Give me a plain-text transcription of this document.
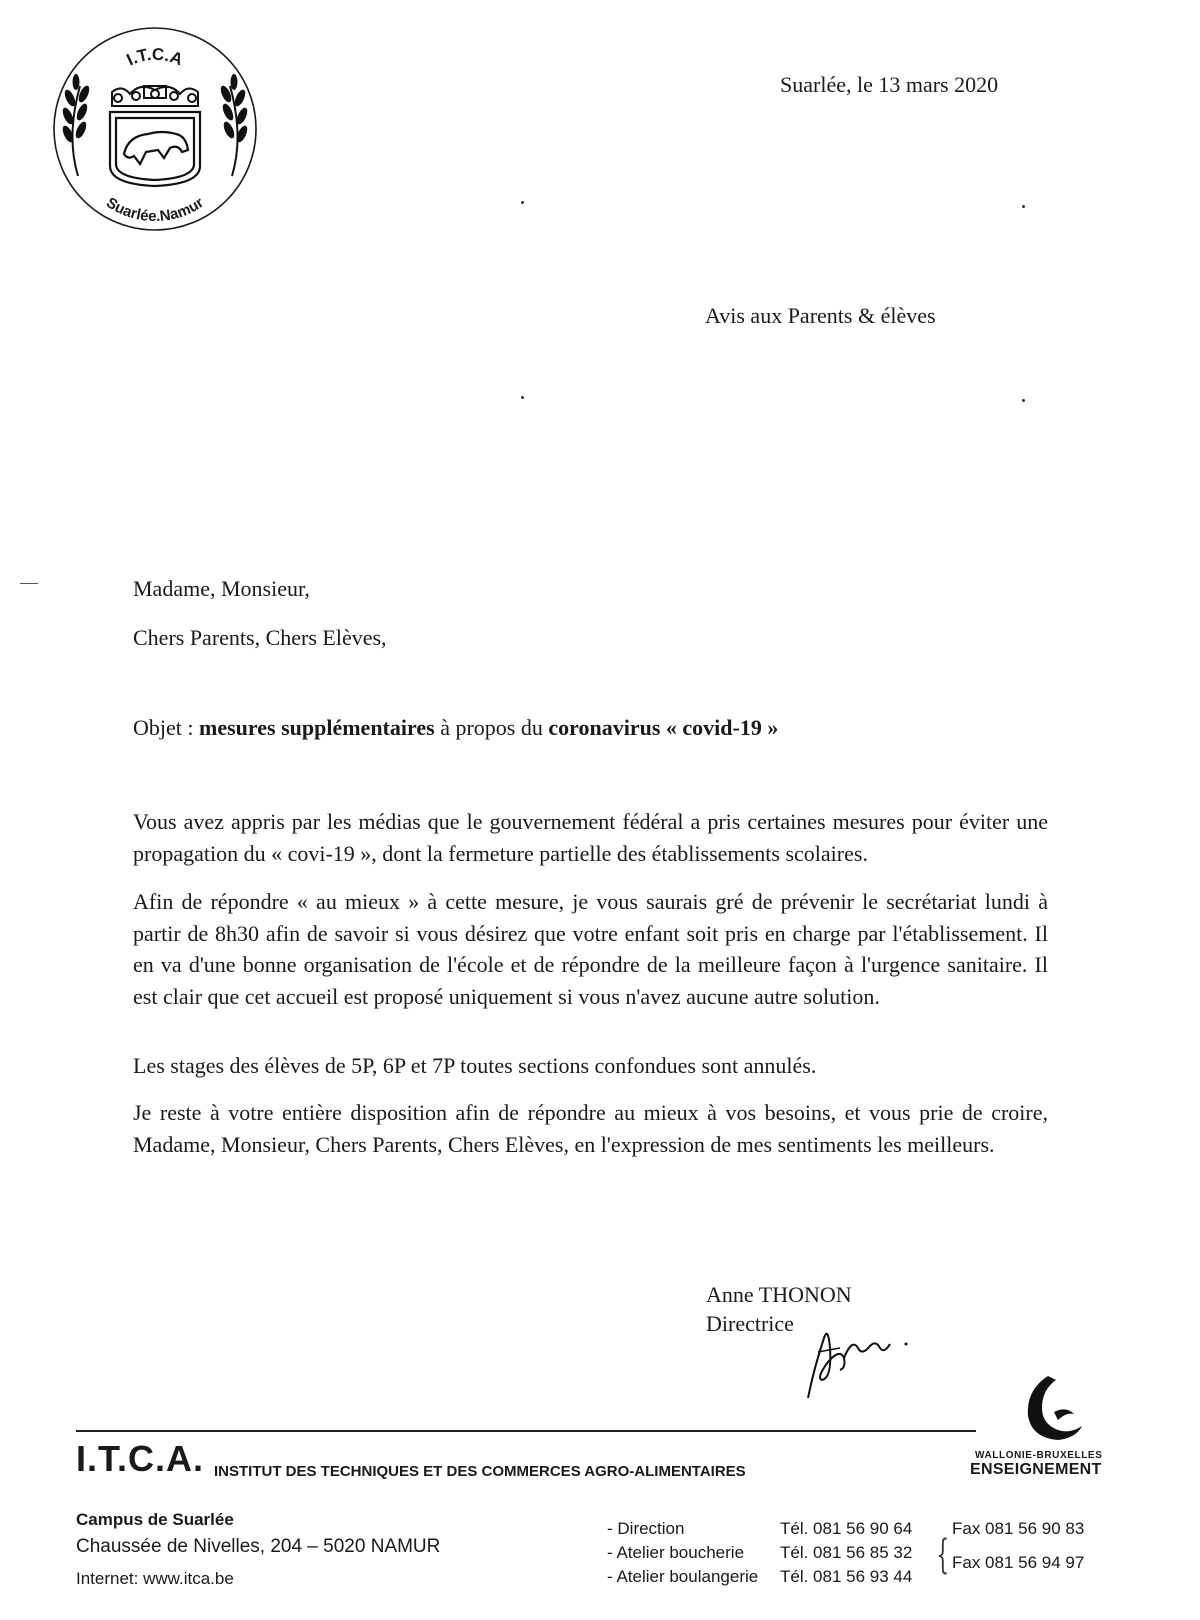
I.T.C.A
Suarlée.Namur
Suarlée, le 13 mars 2020
Avis aux Parents & élèves
Madame, Monsieur,
Chers Parents, Chers Elèves,
Objet : mesures supplémentaires à propos du coronavirus « covid-19 »

Vous avez appris par les médias que le gouvernement fédéral a pris certaines mesures pour éviter une propagation du « covi-19 », dont la fermeture partielle des établissements scolaires.

Afin de répondre « au mieux » à cette mesure, je vous saurais gré de prévenir le secrétariat lundi à partir de 8h30 afin de savoir si vous désirez que votre enfant soit pris en charge par l'établissement. Il en va d'une bonne organisation de l'école et de répondre de la meilleure façon à l'urgence sanitaire. Il est clair que cet accueil est proposé uniquement si vous n'avez aucune autre solution.

Les stages des élèves de 5P, 6P et 7P toutes sections confondues sont annulés.

Je reste à votre entière disposition afin de répondre au mieux à vos besoins, et vous prie de croire, Madame, Monsieur, Chers Parents, Chers Elèves, en l'expression de mes sentiments les meilleurs.

Anne THONON
Directrice
WALLONIE-BRUXELLES
ENSEIGNEMENT
I.T.C.A. INSTITUT DES TECHNIQUES ET DES COMMERCES AGRO-ALIMENTAIRES
Campus de Suarlée
Chaussée de Nivelles, 204 – 5020 NAMUR
Internet: www.itca.be
- Direction	Tél. 081 56 90 64
- Atelier boucherie Tél. 081 56 85 32
- Atelier boulangerie Tél. 081 56 93 44
Fax 081 56 90 83
{ Fax 081 56 94 97
